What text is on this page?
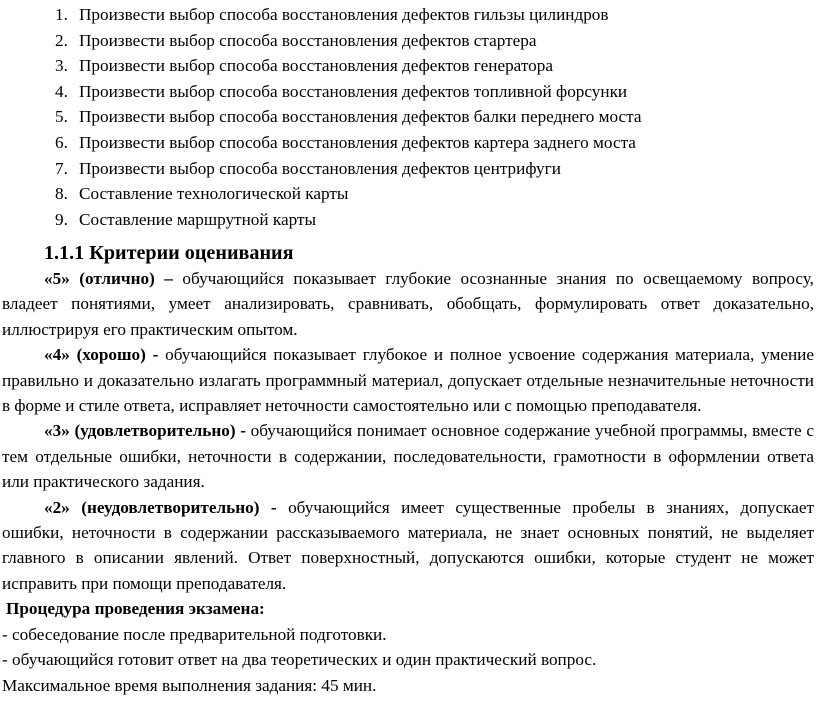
1. Произвести выбор способа восстановления дефектов гильзы цилиндров
2. Произвести выбор способа восстановления дефектов стартера
3. Произвести выбор способа восстановления дефектов генератора
4. Произвести выбор способа восстановления дефектов топливной форсунки
5. Произвести выбор способа восстановления дефектов балки переднего моста
6. Произвести выбор способа восстановления дефектов картера заднего моста
7. Произвести выбор способа восстановления дефектов центрифуги
8. Составление технологической карты
9. Составление маршрутной карты
1.1.1 Критерии оценивания

«5» (отлично) – обучающийся показывает глубокие осознанные знания по освещаемому вопросу, владеет понятиями, умеет анализировать, сравнивать, обобщать, формулировать ответ доказательно, иллюстрируя его практическим опытом.

«4» (хорошо) - обучающийся показывает глубокое и полное усвоение содержания материала, умение правильно и доказательно излагать программный материал, допускает отдельные незначительные неточности в форме и стиле ответа, исправляет неточности самостоятельно или с помощью преподавателя.

«3» (удовлетворительно) - обучающийся понимает основное содержание учебной программы, вместе с тем отдельные ошибки, неточности в содержании, последовательности, грамотности в оформлении ответа или практического задания.

«2» (неудовлетворительно) - обучающийся имеет существенные пробелы в знаниях, допускает ошибки, неточности в содержании рассказываемого материала, не знает основных понятий, не выделяет главного в описании явлений. Ответ поверхностный, допускаются ошибки, которые студент не может исправить при помощи преподавателя.

Процедура проведения экзамена:

- собеседование после предварительной подготовки.

- обучающийся готовит ответ на два теоретических и один практический вопрос.

Максимальное время выполнения задания: 45 мин.
